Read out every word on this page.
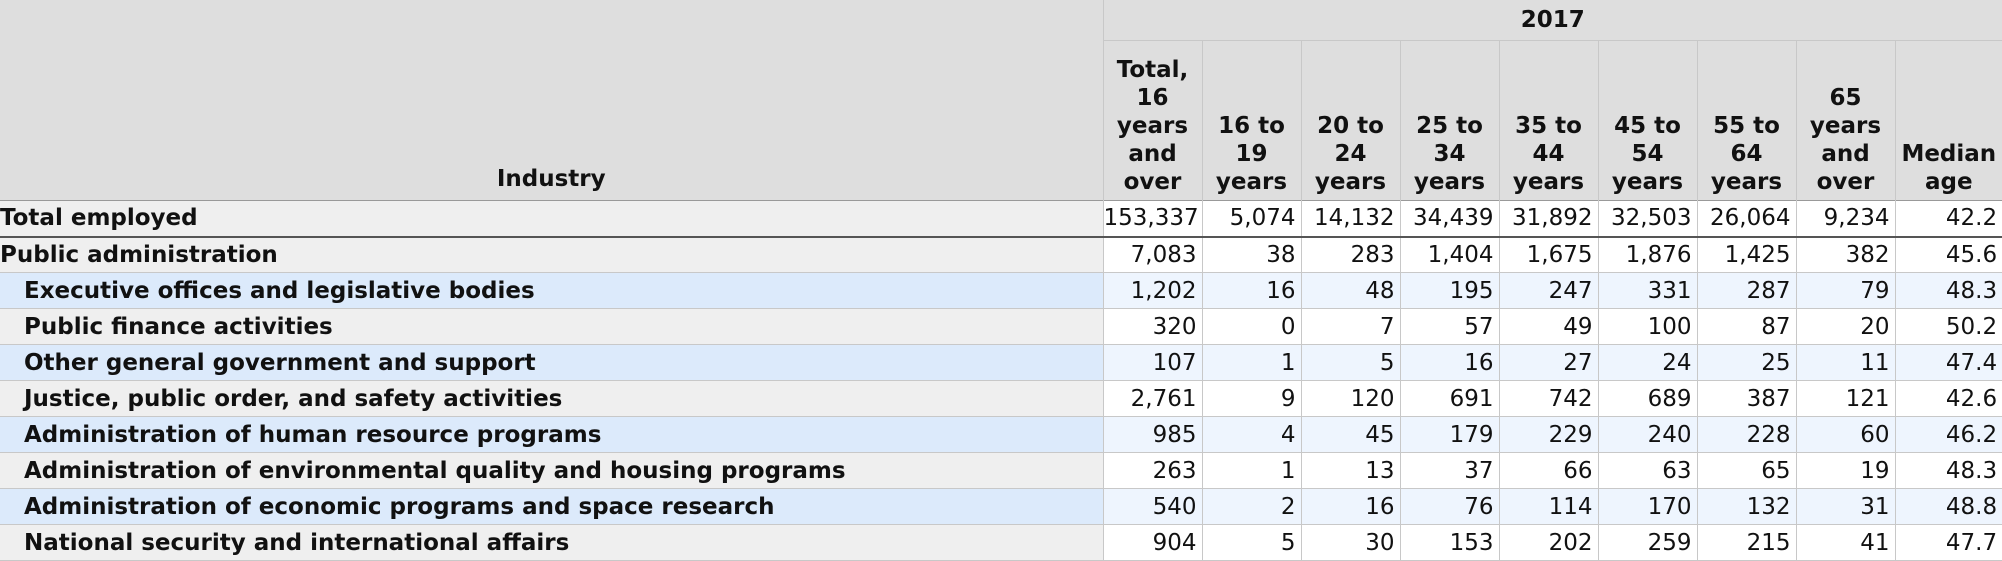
Industry	2017								
	Total, 16 years and over	16 to 19 years	20 to 24 years	25 to 34 years	35 to 44 years	45 to 54 years	55 to 64 years	65 years and over	Median age
Total employed	153,337	5,074	14,132	34,439	31,892	32,503	26,064	9,234	42.2
Public administration	7,083	38	283	1,404	1,675	1,876	1,425	382	45.6
Executive offices and legislative bodies	1,202	16	48	195	247	331	287	79	48.3
Public finance activities	320	0	7	57	49	100	87	20	50.2
Other general government and support	107	1	5	16	27	24	25	11	47.4
Justice, public order, and safety activities	2,761	9	120	691	742	689	387	121	42.6
Administration of human resource programs	985	4	45	179	229	240	228	60	46.2
Administration of environmental quality and housing programs	263	1	13	37	66	63	65	19	48.3
Administration of economic programs and space research	540	2	16	76	114	170	132	31	48.8
National security and international affairs	904	5	30	153	202	259	215	41	47.7
